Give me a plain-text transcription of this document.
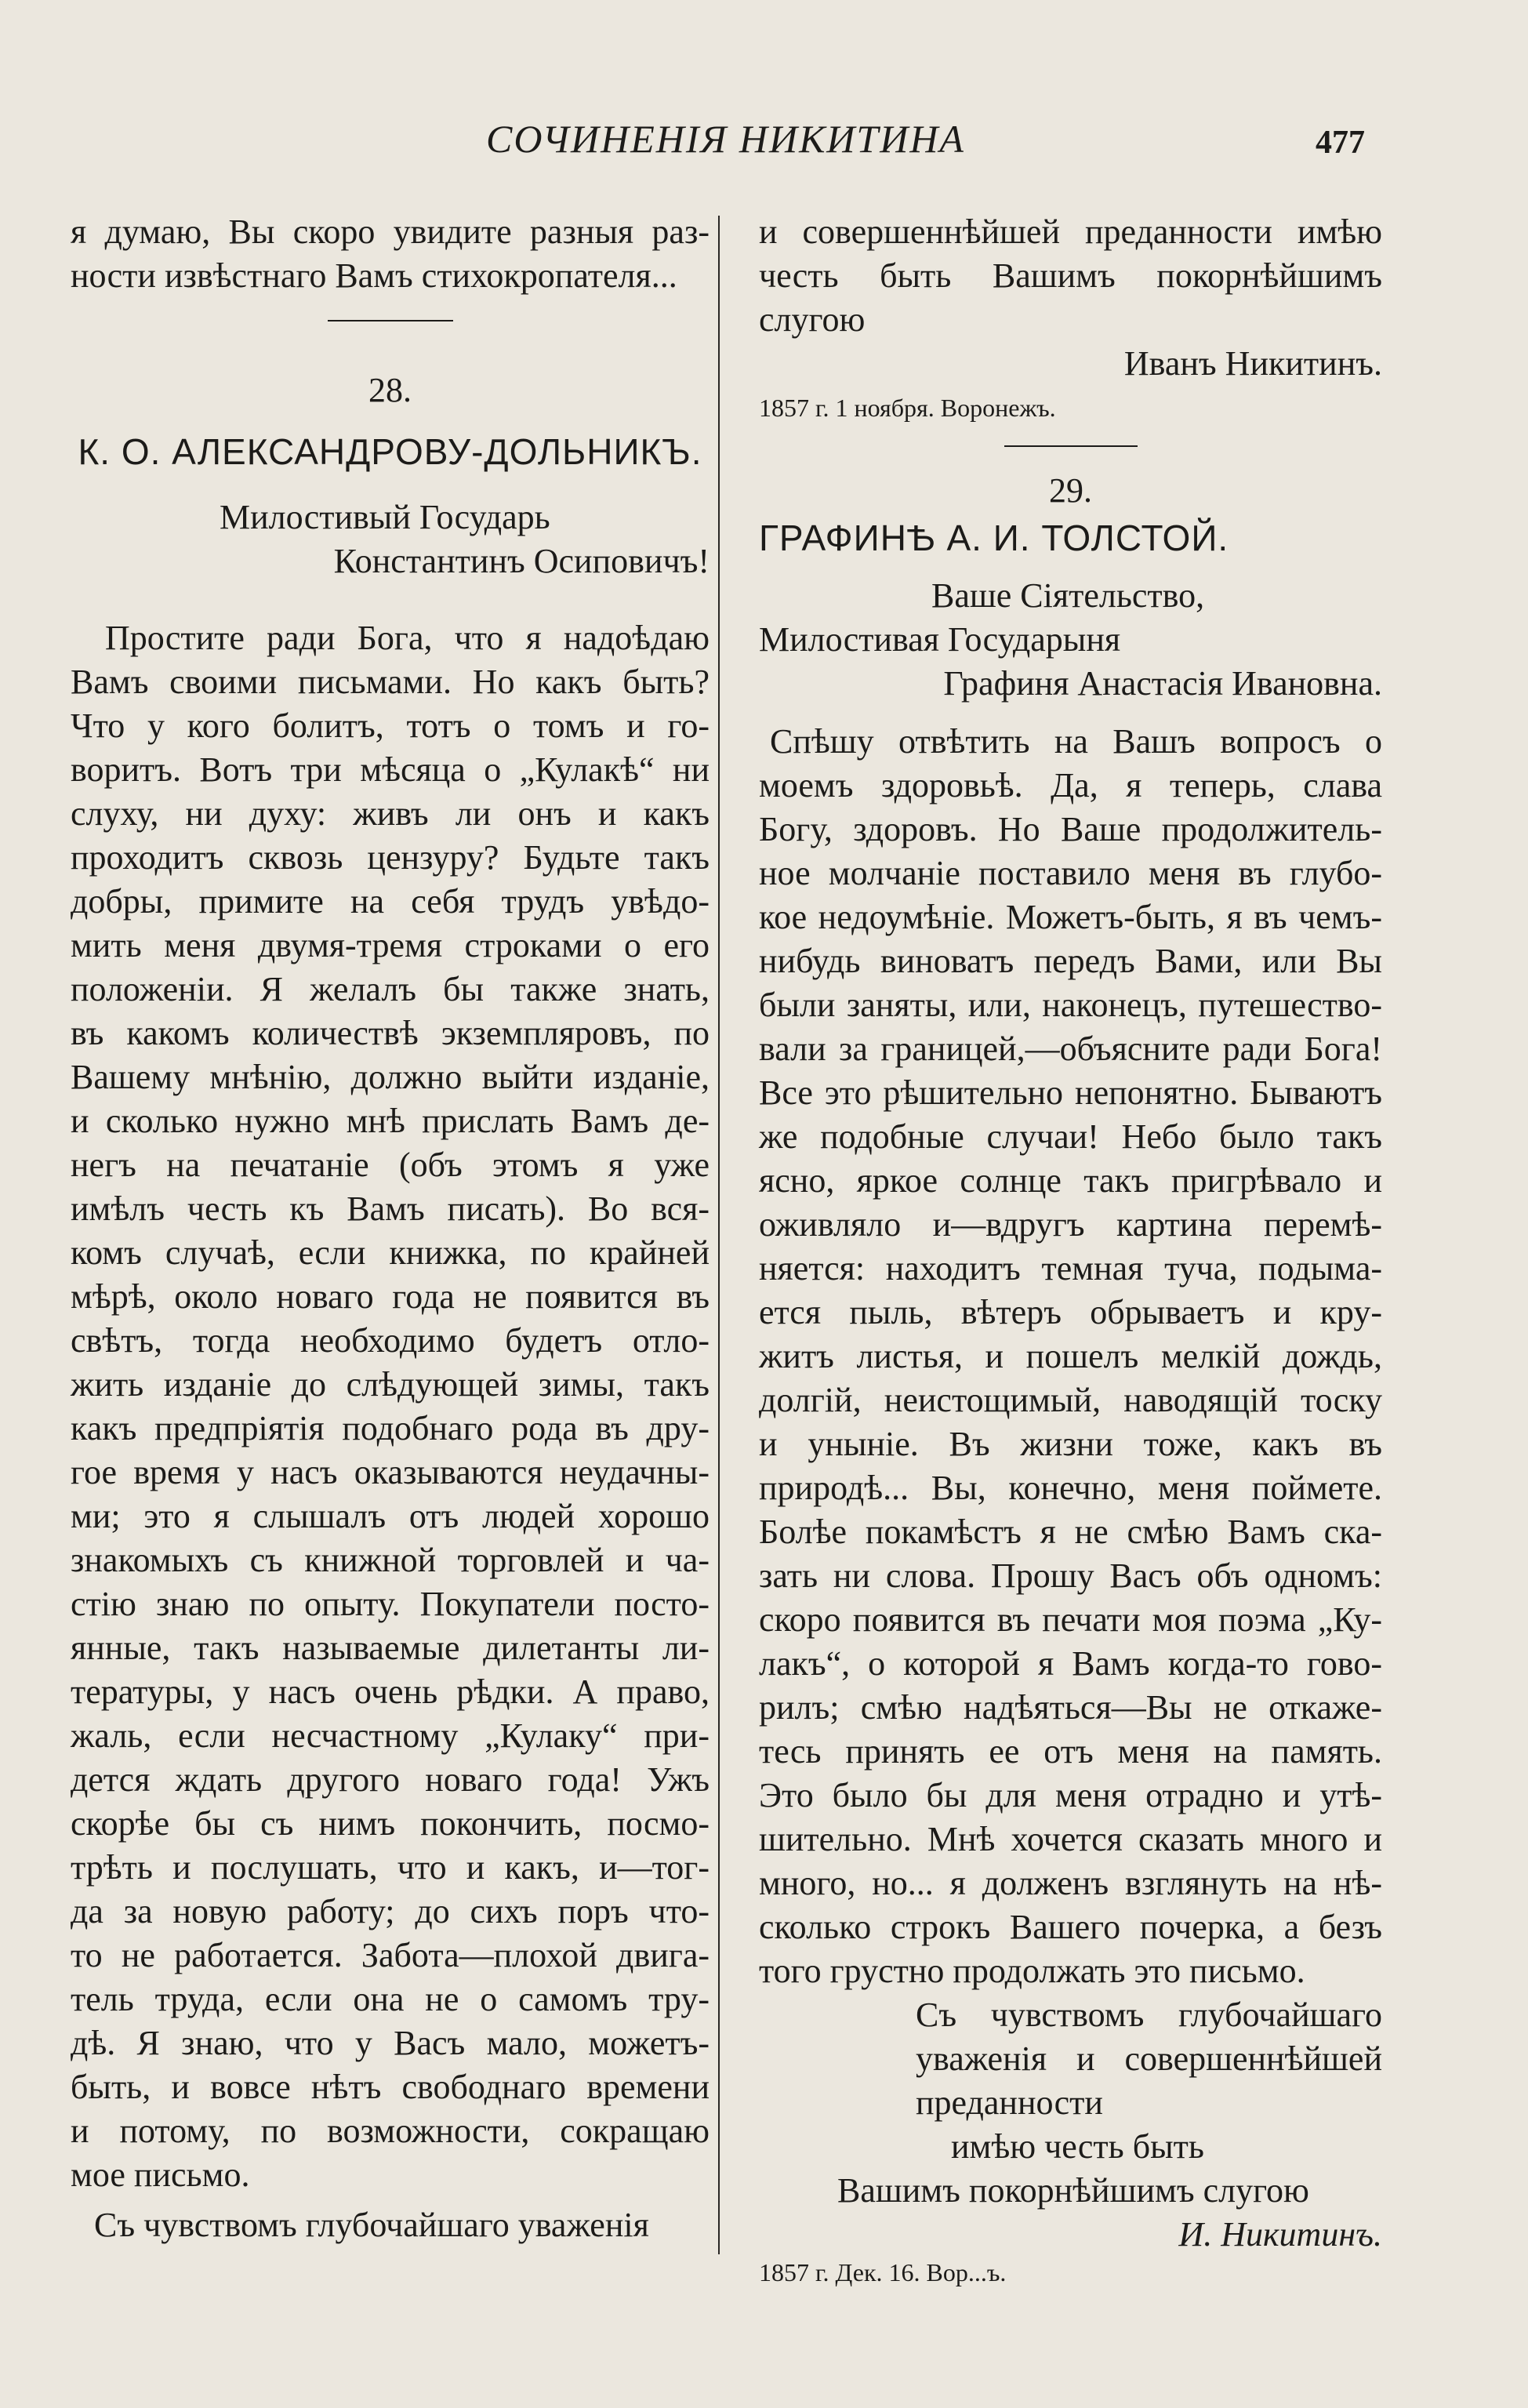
СОЧИНЕНІЯ НИКИТИНА	477
я думаю, Вы скоро увидите разныя раз-
ности извѣстнаго Вамъ стихокропателя...
28.
К. О. АЛЕКСАНДРОВУ-ДОЛЬНИКЪ.
Милостивый Государь
Константинъ Осиповичъ!
Простите ради Бога, что я надоѣдаю
Вамъ своими письмами. Но какъ быть?
Что у кого болитъ, тотъ о томъ и го-
воритъ. Вотъ три мѣсяца о „Кулакѣ“ ни
слуху, ни духу: живъ ли онъ и какъ
проходитъ сквозь цензуру? Будьте такъ
добры, примите на себя трудъ увѣдо-
мить меня двумя-тремя строками о его
положеніи. Я желалъ бы также знать,
въ какомъ количествѣ экземпляровъ, по
Вашему мнѣнію, должно выйти изданіе,
и сколько нужно мнѣ прислать Вамъ де-
негъ на печатаніе (объ этомъ я уже
имѣлъ честь къ Вамъ писать). Во вся-
комъ случаѣ, если книжка, по крайней
мѣрѣ, около новаго года не появится въ
свѣтъ, тогда необходимо будетъ отло-
жить изданіе до слѣдующей зимы, такъ
какъ предпріятія подобнаго рода въ дру-
гое время у насъ оказываются неудачны-
ми; это я слышалъ отъ людей хорошо
знакомыхъ съ книжной торговлей и ча-
стію знаю по опыту. Покупатели посто-
янные, такъ называемые дилетанты ли-
тературы, у насъ очень рѣдки. А право,
жаль, если несчастному „Кулаку“ при-
дется ждать другого новаго года! Ужъ
скорѣе бы съ нимъ покончить, посмо-
трѣть и послушать, что и какъ, и—тог-
да за новую работу; до сихъ поръ что-
то не работается. Забота—плохой двига-
тель труда, если она не о самомъ тру-
дѣ. Я знаю, что у Васъ мало, можетъ-
быть, и вовсе нѣтъ свободнаго времени
и потому, по возможности, сокращаю
мое письмо.
Съ чувствомъ глубочайшаго уваженія
и совершеннѣйшей преданности имѣю
честь быть Вашимъ покорнѣйшимъ
слугою
Иванъ Никитинъ.
1857 г. 1 ноября. Воронежъ.
29.
ГРАФИНѢ А. И. ТОЛСТОЙ.
Ваше Сіятельство,
Милостивая Государыня
Графиня Анастасія Ивановна.
Спѣшу отвѣтить на Вашъ вопросъ о
моемъ здоровьѣ. Да, я теперь, слава
Богу, здоровъ. Но Ваше продолжитель-
ное молчаніе поставило меня въ глубо-
кое недоумѣніе. Можетъ-быть, я въ чемъ-
нибудь виноватъ передъ Вами, или Вы
были заняты, или, наконецъ, путешество-
вали за границей,—объясните ради Бога!
Все это рѣшительно непонятно. Бываютъ
же подобные случаи! Небо было такъ
ясно, яркое солнце такъ пригрѣвало и
оживляло и—вдругъ картина перемѣ-
няется: находитъ темная туча, подыма-
ется пыль, вѣтеръ обрываетъ и кру-
житъ листья, и пошелъ мелкій дождь,
долгій, неистощимый, наводящій тоску
и уныніе. Въ жизни тоже, какъ въ
природѣ... Вы, конечно, меня поймете.
Болѣе покамѣстъ я не смѣю Вамъ ска-
зать ни слова. Прошу Васъ объ одномъ:
скоро появится въ печати моя поэма „Ку-
лакъ“, о которой я Вамъ когда-то гово-
рилъ; смѣю надѣяться—Вы не откаже-
тесь принять ее отъ меня на память.
Это было бы для меня отрадно и утѣ-
шительно. Мнѣ хочется сказать много и
много, но... я долженъ взглянуть на нѣ-
сколько строкъ Вашего почерка, а безъ
того грустно продолжать это письмо.
Съ чувствомъ глубочайшаго
уваженія и совершеннѣйшей
преданности
имѣю честь быть
Вашимъ покорнѣйшимъ слугою
И. Никитинъ.
1857 г. Дек. 16. Вор...ъ.
